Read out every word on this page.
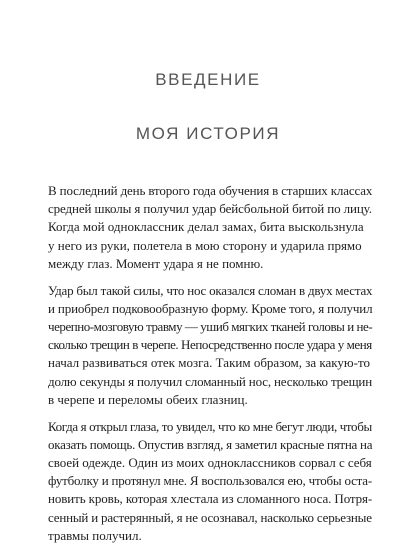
ВВЕДЕНИЕ
МОЯ ИСТОРИЯ

В последний день второго года обучения в старших классах
средней школы я получил удар бейсбольной битой по лицу.
Когда мой одноклассник делал замах, бита выскользнула
у него из руки, полетела в мою сторону и ударила прямо
между глаз. Момент удара я не помню.

Удар был такой силы, что нос оказался сломан в двух местах
и приобрел подковообразную форму. Кроме того, я получил
черепно-мозговую травму — ушиб мягких тканей головы и не-
сколько трещин в черепе. Непосредственно после удара у меня
начал развиваться отек мозга. Таким образом, за какую-то
долю секунды я получил сломанный нос, несколько трещин
в черепе и переломы обеих глазниц.

Когда я открыл глаза, то увидел, что ко мне бегут люди, чтобы
оказать помощь. Опустив взгляд, я заметил красные пятна на
своей одежде. Один из моих одноклассников сорвал с себя
футболку и протянул мне. Я воспользовался ею, чтобы оста-
новить кровь, которая хлестала из сломанного носа. Потря-
сенный и растерянный, я не осознавал, насколько серьезные
травмы получил.
